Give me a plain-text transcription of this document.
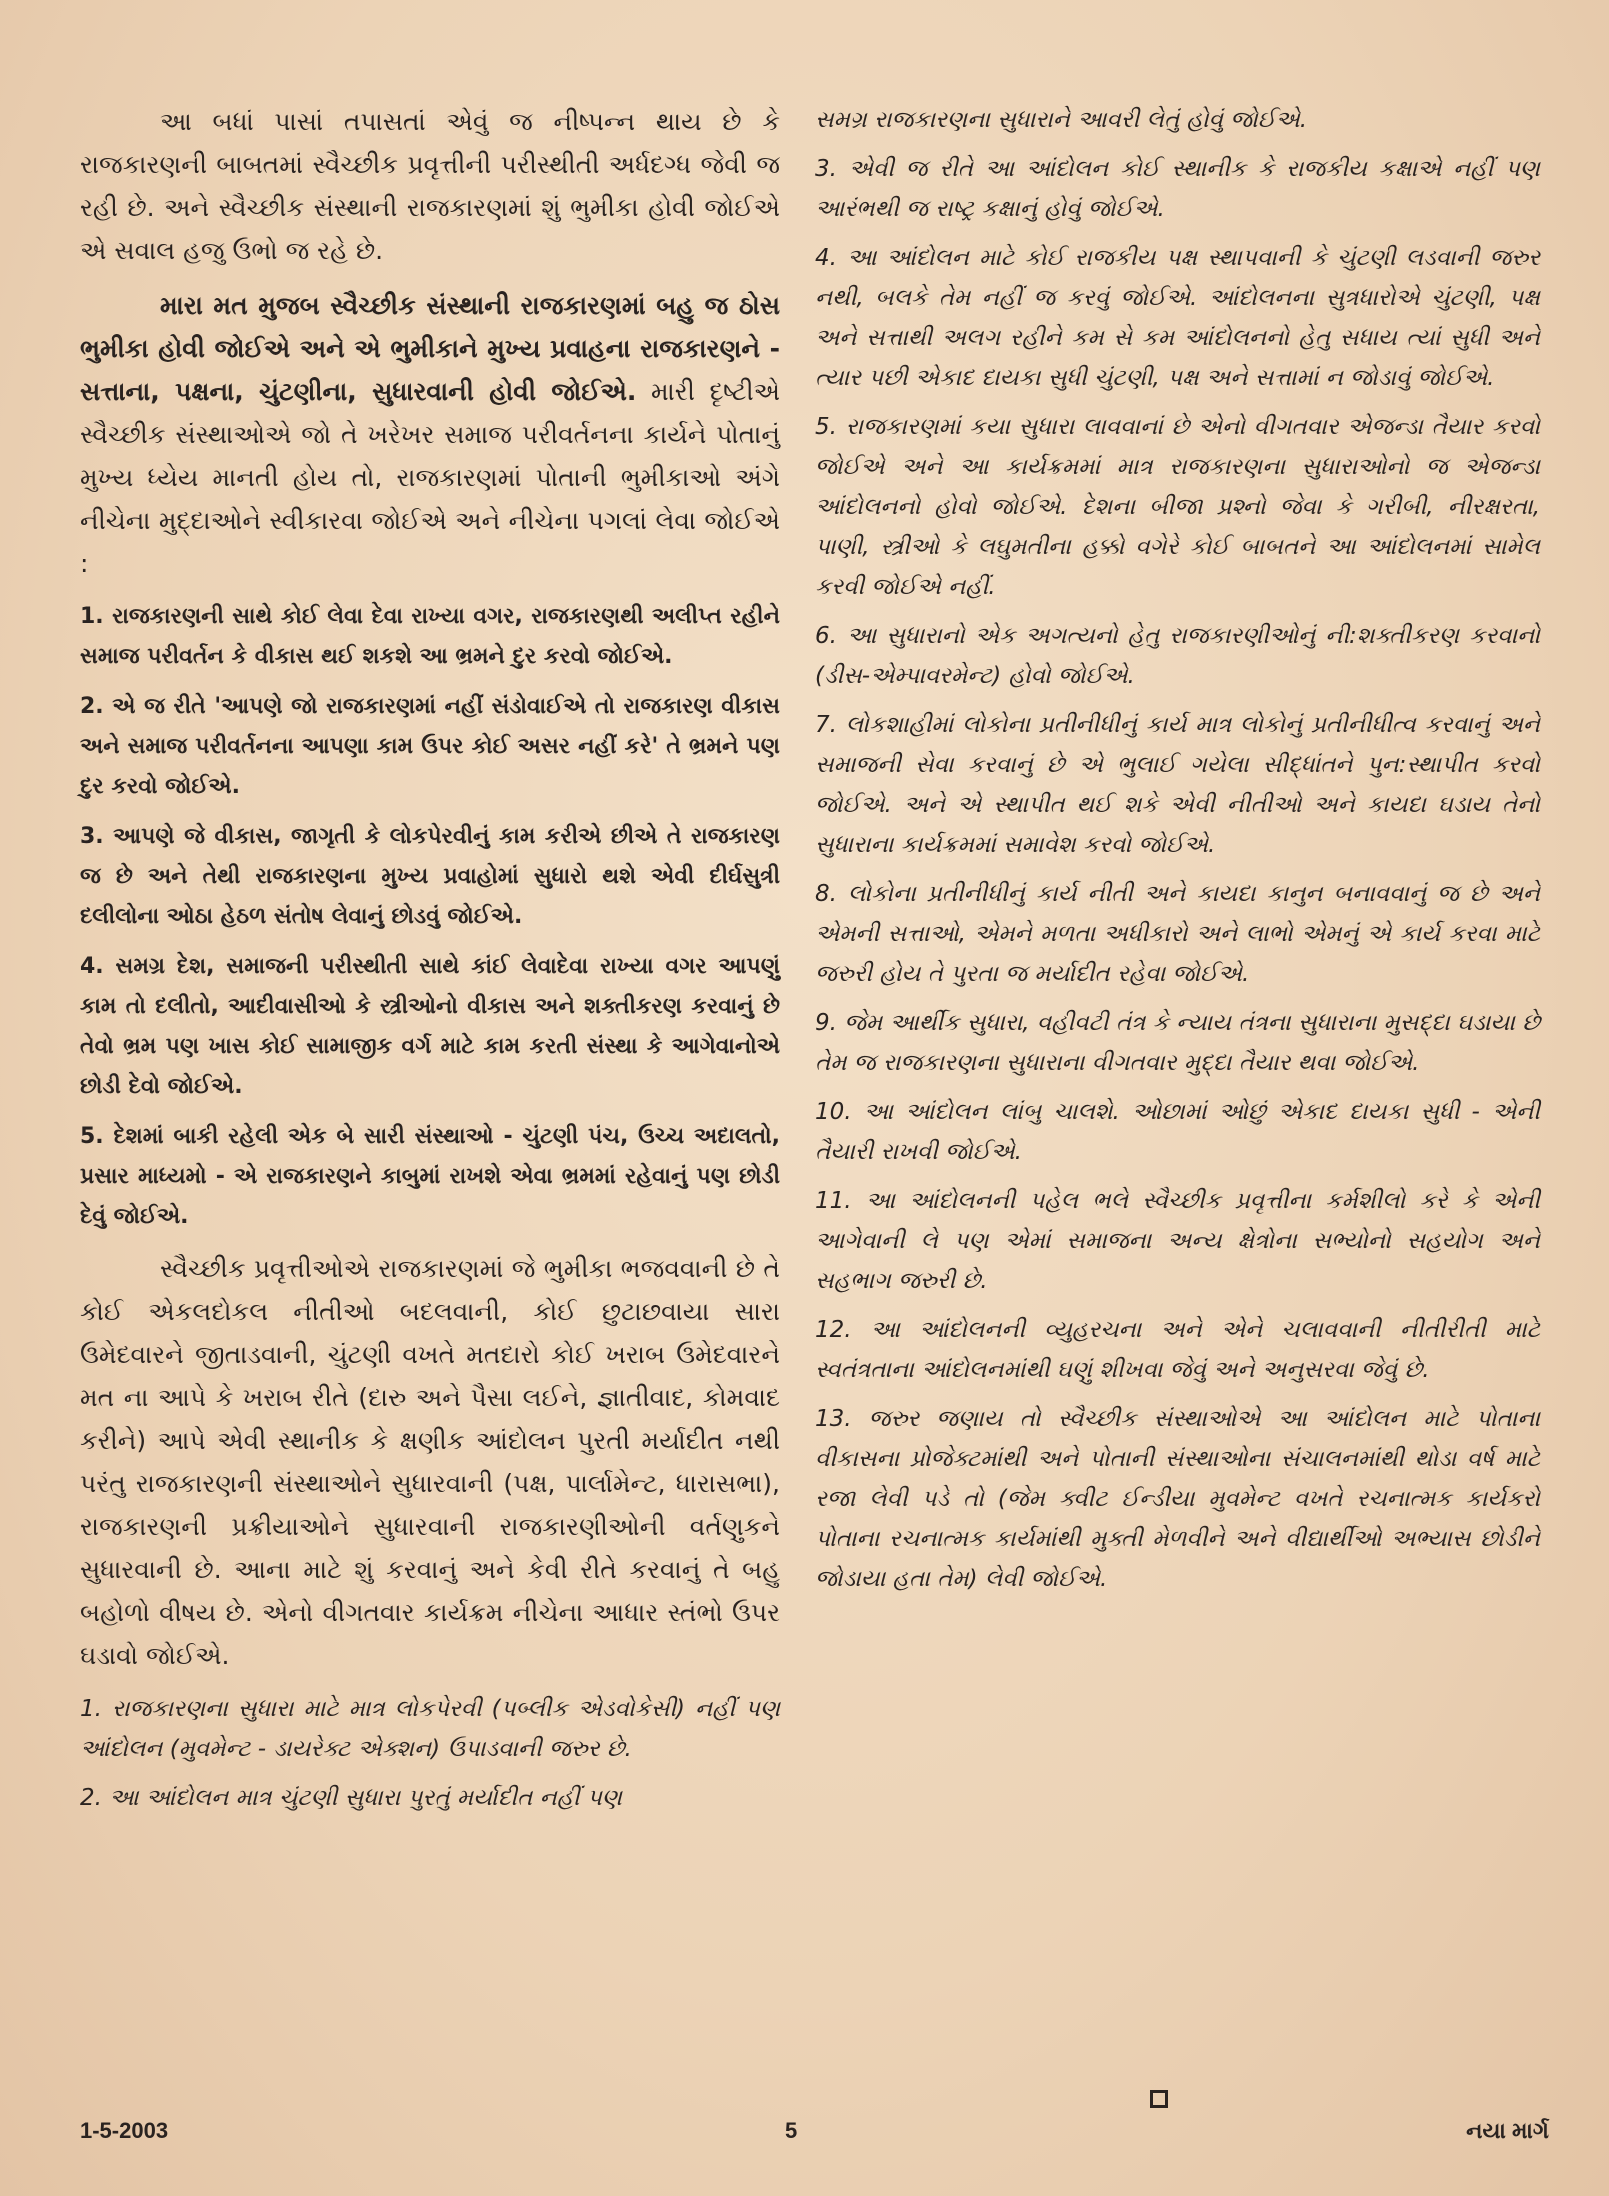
આ બધાં પાસાં તપાસતાં એવું જ નીષ્પન્ન થાય છે કે રાજકારણની બાબતમાં સ્વૈચ્છીક પ્રવૃત્તીની પરીસ્થીતી અર્ધદગ્ધ જેવી જ રહી છે. અને સ્વૈચ્છીક સંસ્થાની રાજકારણમાં શું ભુમીકા હોવી જોઈએ એ સવાલ હજુ ઉભો જ રહે છે.

મારા મત મુજબ સ્વૈચ્છીક સંસ્થાની રાજકારણમાં બહુ જ ઠોસ ભુમીકા હોવી જોઈએ અને એ ભુમીકાને મુખ્ય પ્રવાહના રાજકારણને - સત્તાના, પક્ષના, ચુંટણીના, સુધારવાની હોવી જોઈએ. મારી દૃષ્ટીએ સ્વૈચ્છીક સંસ્થાઓએ જો તે ખરેખર સમાજ પરીવર્તનના કાર્યને પોતાનું મુખ્ય ધ્યેય માનતી હોય તો, રાજકારણમાં પોતાની ભુમીકાઓ અંગે નીચેના મુદ્દાઓને સ્વીકારવા જોઈએ અને નીચેના પગલાં લેવા જોઈએ :

1. રાજકારણની સાથે કોઈ લેવા દેવા રાખ્યા વગર, રાજકારણથી અલીપ્ત રહીને સમાજ પરીવર્તન કે વીકાસ થઈ શકશે આ ભ્રમને દુર કરવો જોઈએ.

2. એ જ રીતે 'આપણે જો રાજકારણમાં નહીં સંડોવાઈએ તો રાજકારણ વીકાસ અને સમાજ પરીવર્તનના આપણા કામ ઉપર કોઈ અસર નહીં કરે' તે ભ્રમને પણ દુર કરવો જોઈએ.

3. આપણે જે વીકાસ, જાગૃતી કે લોકપેરવીનું કામ કરીએ છીએ તે રાજકારણ જ છે અને તેથી રાજકારણના મુખ્ય પ્રવાહોમાં સુધારો થશે એવી દીર્ઘસુત્રી દલીલોના ઓઠા હેઠળ સંતોષ લેવાનું છોડવું જોઈએ.

4. સમગ્ર દેશ, સમાજની પરીસ્થીતી સાથે કાંઈ લેવાદેવા રાખ્યા વગર આપણું કામ તો દલીતો, આદીવાસીઓ કે સ્ત્રીઓનો વીકાસ અને શક્તીકરણ કરવાનું છે તેવો ભ્રમ પણ ખાસ કોઈ સામાજીક વર્ગ માટે કામ કરતી સંસ્થા કે આગેવાનોએ છોડી દેવો જોઈએ.

5. દેશમાં બાકી રહેલી એક બે સારી સંસ્થાઓ - ચુંટણી પંચ, ઉચ્ચ અદાલતો, પ્રસાર માધ્યમો - એ રાજકારણને કાબુમાં રાખશે એવા ભ્રમમાં રહેવાનું પણ છોડી દેવું જોઈએ.

સ્વૈચ્છીક પ્રવૃત્તીઓએ રાજકારણમાં જે ભુમીકા ભજવવાની છે તે કોઈ એકલદોકલ નીતીઓ બદલવાની, કોઈ છુટાછવાયા સારા ઉમેદવારને જીતાડવાની, ચુંટણી વખતે મતદારો કોઈ ખરાબ ઉમેદવારને મત ના આપે કે ખરાબ રીતે (દારુ અને પૈસા લઈને, જ્ઞાતીવાદ, કોમવાદ કરીને) આપે એવી સ્થાનીક કે ક્ષણીક આંદોલન પુરતી મર્યાદીત નથી પરંતુ રાજકારણની સંસ્થાઓને સુધારવાની (પક્ષ, પાર્લામેન્ટ, ધારાસભા), રાજકારણની પ્રક્રીયાઓને સુધારવાની રાજકારણીઓની વર્તણુકને સુધારવાની છે. આના માટે શું કરવાનું અને કેવી રીતે કરવાનું તે બહુ બહોળો વીષય છે. એનો વીગતવાર કાર્યક્રમ નીચેના આધાર સ્તંભો ઉપર ઘડાવો જોઈએ.

1. રાજકારણના સુધારા માટે માત્ર લોકપેરવી (પબ્લીક એડવોકેસી) નહીં પણ આંદોલન (મુવમેન્ટ - ડાયરેક્ટ એક્શન) ઉપાડવાની જરુર છે.

2. આ આંદોલન માત્ર ચુંટણી સુધારા પુરતું મર્યાદીત નહીં પણ

સમગ્ર રાજકારણના સુધારાને આવરી લેતું હોવું જોઈએ.

3. એવી જ રીતે આ આંદોલન કોઈ સ્થાનીક કે રાજકીય કક્ષાએ નહીં પણ આરંભથી જ રાષ્ટ્ર કક્ષાનું હોવું જોઈએ.

4. આ આંદોલન માટે કોઈ રાજકીય પક્ષ સ્થાપવાની કે ચુંટણી લડવાની જરુર નથી, બલકે તેમ નહીં જ કરવું જોઈએ. આંદોલનના સુત્રધારોએ ચુંટણી, પક્ષ અને સત્તાથી અલગ રહીને કમ સે કમ આંદોલનનો હેતુ સધાય ત્યાં સુધી અને ત્યાર પછી એકાદ દાયકા સુધી ચુંટણી, પક્ષ અને સત્તામાં ન જોડાવું જોઈએ.

5. રાજકારણમાં કયા સુધારા લાવવાનાં છે એનો વીગતવાર એજન્ડા તૈયાર કરવો જોઈએ અને આ કાર્યક્રમમાં માત્ર રાજકારણના સુધારાઓનો જ એજન્ડા આંદોલનનો હોવો જોઈએ. દેશના બીજા પ્રશ્નો જેવા કે ગરીબી, નીરક્ષરતા, પાણી, સ્ત્રીઓ કે લઘુમતીના હક્કો વગેરે કોઈ બાબતને આ આંદોલનમાં સામેલ કરવી જોઈએ નહીં.

6. આ સુધારાનો એક અગત્યનો હેતુ રાજકારણીઓનું ની:શક્તીકરણ કરવાનો (ડીસ-એમ્પાવરમેન્ટ) હોવો જોઈએ.

7. લોકશાહીમાં લોકોના પ્રતીનીધીનું કાર્ય માત્ર લોકોનું પ્રતીનીધીત્વ કરવાનું અને સમાજની સેવા કરવાનું છે એ ભુલાઈ ગયેલા સીદ્ધાંતને પુન:સ્થાપીત કરવો જોઈએ. અને એ સ્થાપીત થઈ શકે એવી નીતીઓ અને કાયદા ઘડાય તેનો સુધારાના કાર્યક્રમમાં સમાવેશ કરવો જોઈએ.

8. લોકોના પ્રતીનીધીનું કાર્ય નીતી અને કાયદા કાનુન બનાવવાનું જ છે અને એમની સત્તાઓ, એમને મળતા અધીકારો અને લાભો એમનું એ કાર્ય કરવા માટે જરુરી હોય તે પુરતા જ મર્યાદીત રહેવા જોઈએ.

9. જેમ આર્થીક સુધારા, વહીવટી તંત્ર કે ન્યાય તંત્રના સુધારાના મુસદ્દા ઘડાયા છે તેમ જ રાજકારણના સુધારાના વીગતવાર મુદ્દા તૈયાર થવા જોઈએ.

10. આ આંદોલન લાંબુ ચાલશે. ઓછામાં ઓછું એકાદ દાયકા સુધી - એની તૈયારી રાખવી જોઈએ.

11. આ આંદોલનની પહેલ ભલે સ્વૈચ્છીક પ્રવૃત્તીના કર્મશીલો કરે કે એની આગેવાની લે પણ એમાં સમાજના અન્ય ક્ષેત્રોના સભ્યોનો સહયોગ અને સહભાગ જરુરી છે.

12. આ આંદોલનની વ્યુહરચના અને એને ચલાવવાની નીતીરીતી માટે સ્વતંત્રતાના આંદોલનમાંથી ઘણું શીખવા જેવું અને અનુસરવા જેવું છે.

13. જરુર જણાય તો સ્વૈચ્છીક સંસ્થાઓએ આ આંદોલન માટે પોતાના વીકાસના પ્રોજેક્ટમાંથી અને પોતાની સંસ્થાઓના સંચાલનમાંથી થોડા વર્ષ માટે રજા લેવી પડે તો (જેમ ક્વીટ ઈન્ડીયા મુવમેન્ટ વખતે રચનાત્મક કાર્યકરો પોતાના રચનાત્મક કાર્યમાંથી મુક્તી મેળવીને અને વીદ્યાર્થીઓ અભ્યાસ છોડીને જોડાયા હતા તેમ) લેવી જોઈએ.

1-5-2003	5	નયા માર્ગ
